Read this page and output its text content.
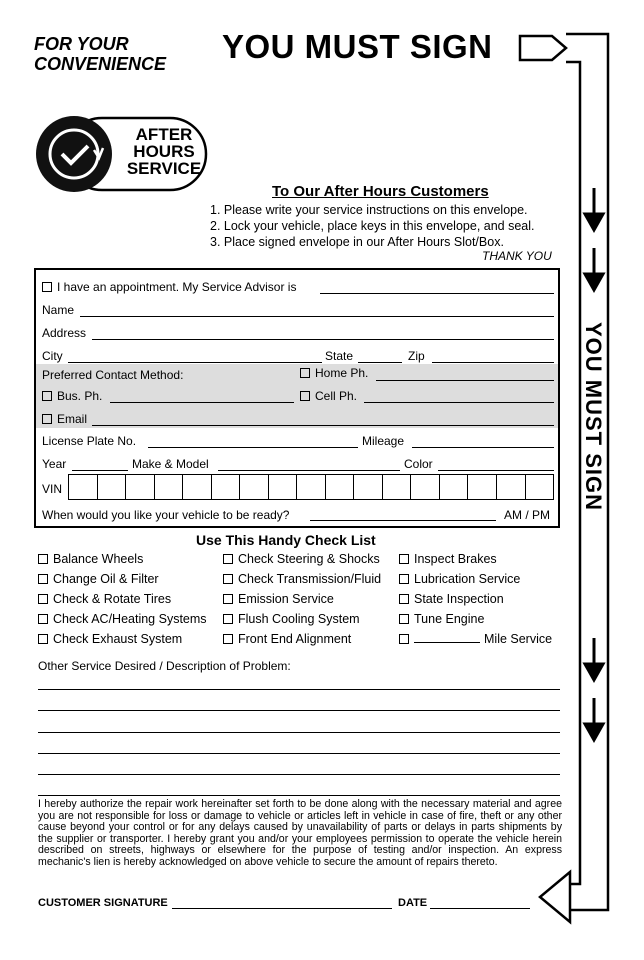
FOR YOUR
CONVENIENCE YOU MUST SIGN
YOU MUST SIGN
AFTER
HOURS
SERVICE
To Our After Hours Customers
1. Please write your service instructions on this envelope.
2. Lock your vehicle, place keys in this envelope, and seal.
3. Place signed envelope in our After Hours Slot/Box.
THANK YOU
I have an appointment. My Service Advisor is
Name
Address
City	State	Zip
Preferred Contact Method:	Home Ph.
Bus. Ph.	Cell Ph.
Email
License Plate No.	Mileage
Year	Make & Model	Color
VIN
When would you like your vehicle to be ready?	AM / PM
Use This Handy Check List
Balance Wheels
Change Oil & Filter
Check & Rotate Tires
Check AC/Heating Systems
Check Exhaust System
Check Steering & Shocks
Check Transmission/Fluid
Emission Service
Flush Cooling System
Front End Alignment
Inspect Brakes
Lubrication Service
State Inspection
Tune Engine
Mile Service
Other Service Desired / Description of Problem:
I hereby authorize the repair work hereinafter set forth to be done along with the necessary material and agree you are not responsible for loss or damage to vehicle or articles left in vehicle in case of fire, theft or any other cause beyond your control or for any delays caused by unavailability of parts or delays in parts shipments by the supplier or transporter. I hereby grant you and/or your employees permission to operate the vehicle herein described on streets, highways or elsewhere for the purpose of testing and/or inspection. An express mechanic's lien is hereby acknowledged on above vehicle to secure the amount of repairs thereto.
CUSTOMER SIGNATURE	DATE
